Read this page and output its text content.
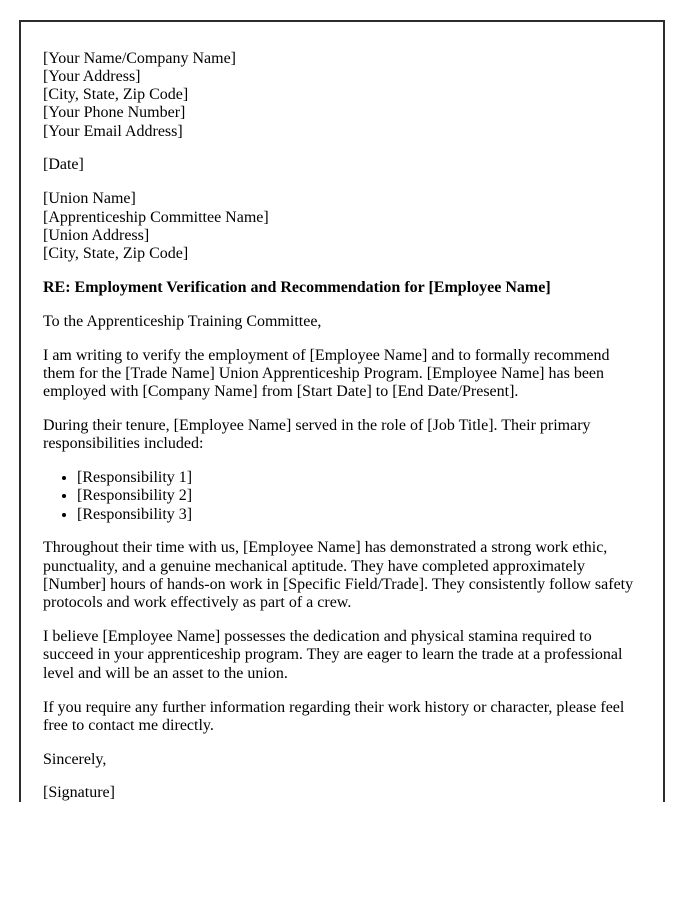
[Your Name/Company Name]
[Your Address]
[City, State, Zip Code]
[Your Phone Number]
[Your Email Address]

[Date]

[Union Name]
[Apprenticeship Committee Name]
[Union Address]
[City, State, Zip Code]

RE: Employment Verification and Recommendation for [Employee Name]

To the Apprenticeship Training Committee,

I am writing to verify the employment of [Employee Name] and to formally recommend them for the [Trade Name] Union Apprenticeship Program. [Employee Name] has been employed with [Company Name] from [Start Date] to [End Date/Present].

During their tenure, [Employee Name] served in the role of [Job Title]. Their primary responsibilities included:

• [Responsibility 1]
• [Responsibility 2]
• [Responsibility 3]

Throughout their time with us, [Employee Name] has demonstrated a strong work ethic, punctuality, and a genuine mechanical aptitude. They have completed approximately [Number] hours of hands-on work in [Specific Field/Trade]. They consistently follow safety protocols and work effectively as part of a crew.

I believe [Employee Name] possesses the dedication and physical stamina required to succeed in your apprenticeship program. They are eager to learn the trade at a professional level and will be an asset to the union.

If you require any further information regarding their work history or character, please feel free to contact me directly.

Sincerely,

[Signature]
